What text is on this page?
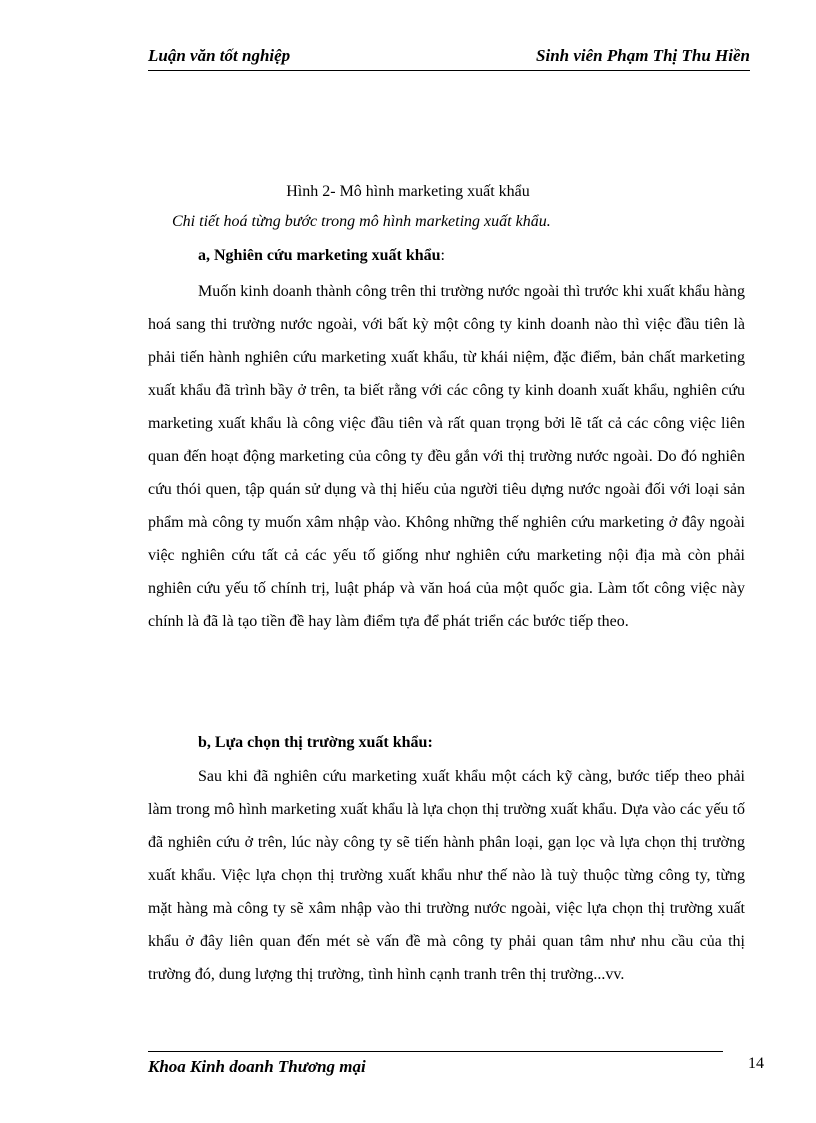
Luận văn tốt nghiệp	Sinh viên Phạm Thị Thu Hiền
Hình 2- Mô hình marketing xuất khẩu
Chi tiết hoá từng bước trong mô hình marketing xuất khẩu.
a, Nghiên cứu marketing xuất khẩu:

Muốn kinh doanh thành công trên thi trường nước ngoài thì trước khi xuất khẩu hàng hoá sang thi trường nước ngoài, với bất kỳ một công ty kinh doanh nào thì việc đầu tiên là phải tiến hành nghiên cứu marketing xuất khẩu, từ khái niệm, đặc điểm, bản chất marketing xuất khẩu đã trình bầy ở trên, ta biết rằng với các công ty kinh doanh xuất khẩu, nghiên cứu marketing xuất khẩu là công việc đầu tiên và rất quan trọng bởi lẽ tất cả các công việc liên quan đến hoạt động marketing của công ty đều gắn với thị trường nước ngoài. Do đó nghiên cứu thói quen, tập quán sử dụng và thị hiếu của người tiêu dựng nước ngoài đối với loại sản phẩm mà công ty muốn xâm nhập vào. Không những thế nghiên cứu marketing ở đây ngoài việc nghiên cứu tất cả các yếu tố giống như nghiên cứu marketing nội địa mà còn phải nghiên cứu yếu tố chính trị, luật pháp và văn hoá của một quốc gia. Làm tốt công việc này chính là đã là tạo tiền đề hay làm điểm tựa để phát triển các bước tiếp theo.

b, Lựa chọn thị trường xuất khẩu:

Sau khi đã nghiên cứu marketing xuất khẩu một cách kỹ càng, bước tiếp theo phải làm trong mô hình marketing xuất khẩu là lựa chọn thị trường xuất khẩu. Dựa vào các yếu tố đã nghiên cứu ở trên, lúc này công ty sẽ tiến hành phân loại, gạn lọc và lựa chọn thị trường xuất khẩu. Việc lựa chọn thị trường xuất khẩu như thế nào là tuỳ thuộc từng công ty, từng mặt hàng mà công ty sẽ xâm nhập vào thi trường nước ngoài, việc lựa chọn thị trường xuất khẩu ở đây liên quan đến mét sè vấn đề mà công ty phải quan tâm như nhu cầu của thị trường đó, dung lượng thị trường, tình hình cạnh tranh trên thị trường...vv.

Khoa Kinh doanh Thương mại	14
